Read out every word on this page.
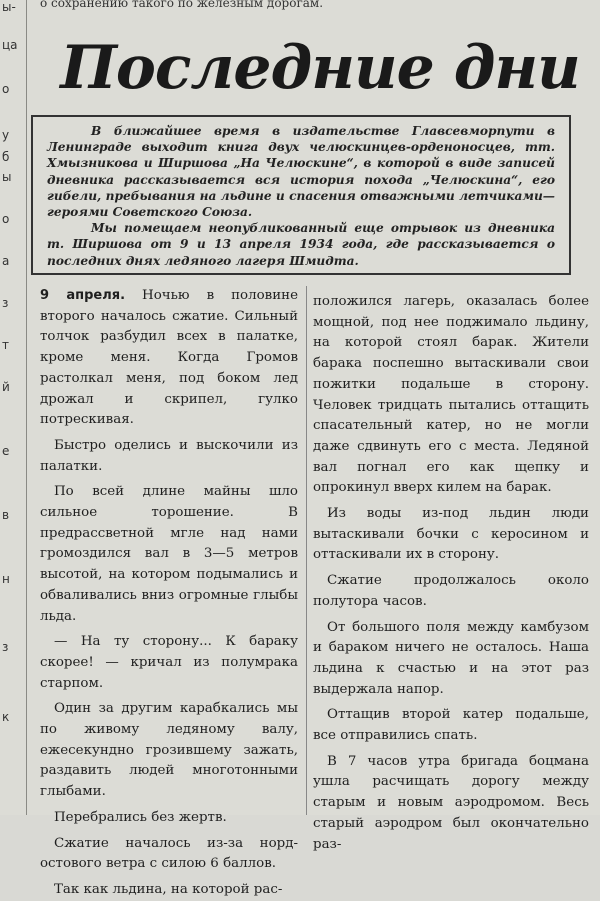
ы-
ца
о
у
б
ы
о
а
з
т
й
е
в
н
з
к
о сохранению такого по железным дорогам.
Последние дни

В ближайшее время в издательстве Главсевморпути в Ленинграде выходит книга двух челюскинцев-орденоносцев, тт. Хмызникова и Ширшова „На Челюскине“, в которой в виде записей дневника рассказывается вся история похода „Челюскина“, его гибели, пребывания на льдине и спасения отважными летчиками—героями Советского Союза.

Мы помещаем неопубликованный еще отрывок из дневника т. Ширшова от 9 и 13 апреля 1934 года, где рассказывается о последних днях ледяного лагеря Шмидта.

9 апреля. Ночью в половине второго началось сжатие. Сильный толчок разбудил всех в палатке, кроме меня. Когда Громов растолкал меня, под боком лед дрожал и скрипел, гулко потрескивая.

Быстро оделись и выскочили из палатки.

По всей длине майны шло сильное торошение. В предрассветной мгле над нами громоздился вал в 3—5 метров высотой, на котором подымались и обваливались вниз огромные глыбы льда.

— На ту сторону... К бараку скорее! — кричал из полумрака старпом.

Один за другим карабкались мы по живому ледяному валу, ежесекундно грозившему зажать, раздавить людей многотонными глыбами.

Перебрались без жертв.

Сжатие началось из-за норд-остового ветра с силою 6 баллов.

Так как льдина, на которой рас-

положился лагерь, оказалась более мощной, под нее поджимало льдину, на которой стоял барак. Жители барака поспешно вытаскивали свои пожитки подальше в сторону. Человек тридцать пытались оттащить спасательный катер, но не могли даже сдвинуть его с места. Ледяной вал погнал его как щепку и опрокинул вверх килем на барак.

Из воды из-под льдин люди вытаскивали бочки с керосином и оттаскивали их в сторону.

Сжатие продолжалось около полутора часов.

От большого поля между камбузом и бараком ничего не осталось. Наша льдина к счастью и на этот раз выдержала напор.

Оттащив второй катер подальше, все отправились спать.

В 7 часов утра бригада боцмана ушла расчищать дорогу между старым и новым аэродромом. Весь старый аэродром был окончательно раз-
